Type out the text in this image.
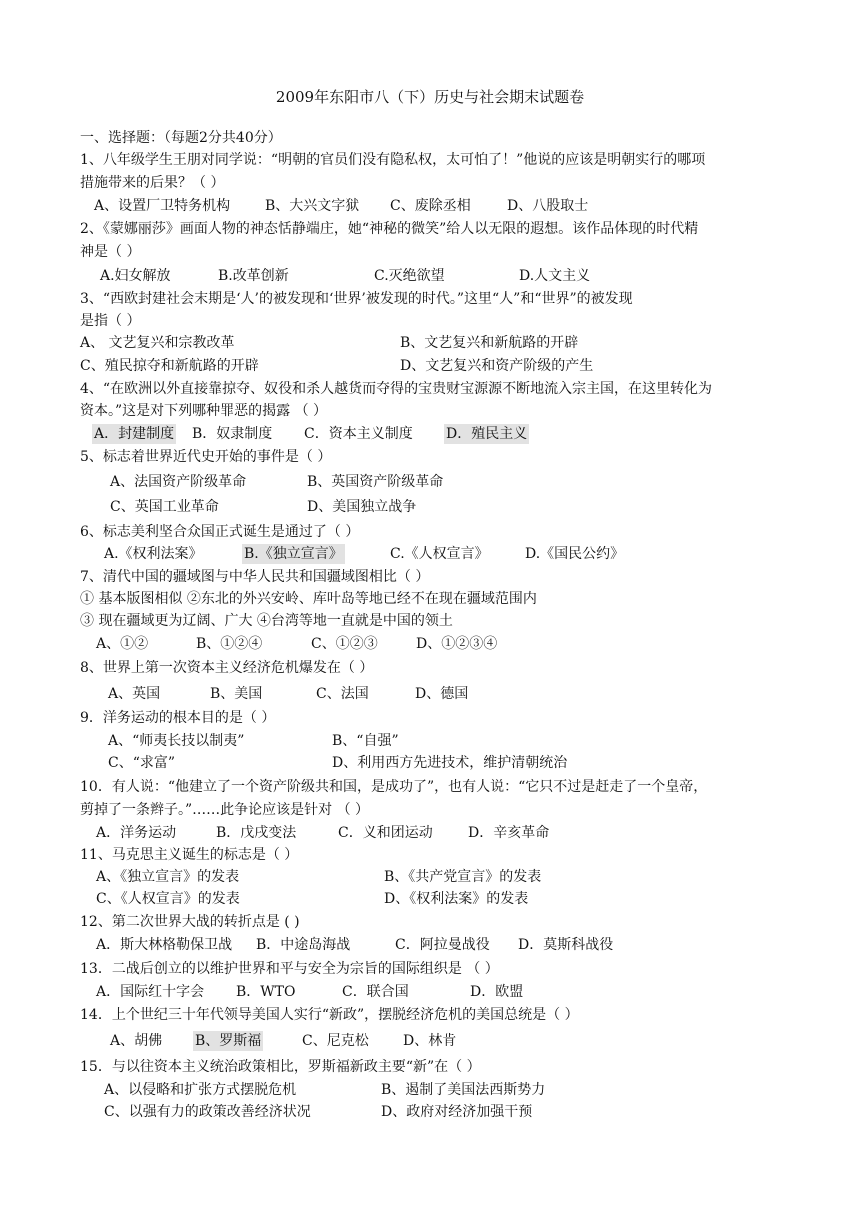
2009年东阳市八（下）历史与社会期末试题卷
一、选择题：（每题2分共40分）
1、八年级学生王朋对同学说：“明朝的官员们没有隐私权，太可怕了！”他说的应该是明朝实行的哪项
措施带来的后果？（ ）
A、设置厂卫特务机构 B、大兴文字狱 C、废除丞相	D、八股取士
2、《蒙娜丽莎》画面人物的神态恬静端庄，她“神秘的微笑”给人以无限的遐想。该作品体现的时代精
神是（ ）
A.妇女解放	B.改革创新	C.灭绝欲望	D.人文主义
3、“西欧封建社会末期是‘人’的被发现和‘世界’被发现的时代。”这里“人”和“世界”的被发现
是指（ ）
A、 文艺复兴和宗教改革	B、文艺复兴和新航路的开辟
C、殖民掠夺和新航路的开辟	D、文艺复兴和资产阶级的产生
4、“在欧洲以外直接靠掠夺、奴役和杀人越货而夺得的宝贵财宝源源不断地流入宗主国，在这里转化为
资本。”这是对下列哪种罪恶的揭露 （ ）
A．封建制度 B．奴隶制度 C．资本主义制度 D．殖民主义
5、标志着世界近代史开始的事件是（ ）
A、法国资产阶级革命	B、英国资产阶级革命
C、英国工业革命	D、美国独立战争
6、标志美利坚合众国正式诞生是通过了（ ）
A.《权利法案》	B.《独立宣言》	C.《人权宣言》	D.《国民公约》
7、清代中国的疆域图与中华人民共和国疆域图相比（ ）
① 基本版图相似 ②东北的外兴安岭、库叶岛等地已经不在现在疆域范围内
③ 现在疆域更为辽阔、广大 ④台湾等地一直就是中国的领土
A、①②	B、①②④	C、①②③	D、①②③④
8、世界上第一次资本主义经济危机爆发在（ ）
A、英国	B、美国	C、法国	D、德国
9．洋务运动的根本目的是（ ）
A、“师夷长技以制夷”	B、“自强”
C、“求富”	D、利用西方先进技术，维护清朝统治
10．有人说：“他建立了一个资产阶级共和国，是成功了”，也有人说：“它只不过是赶走了一个皇帝，
剪掉了一条辫子。”……此争论应该是针对 （ ）
A．洋务运动	B．戊戌变法	C．义和团运动	D．辛亥革命
11、马克思主义诞生的标志是（ ）
A、《独立宣言》的发表	B、《共产党宣言》的发表
C、《人权宣言》的发表	D、《权利法案》的发表
12、第二次世界大战的转折点是 ( )
A．斯大林格勒保卫战 B．中途岛海战	C．阿拉曼战役 D．莫斯科战役
13．二战后创立的以维护世界和平与安全为宗旨的国际组织是 （ ）
A．国际红十字会 B．WTO	C．联合国	D．欧盟
14．上个世纪三十年代领导美国人实行“新政”，摆脱经济危机的美国总统是（ ）
A、胡佛 B、罗斯福	C、尼克松 D、林肯
15．与以往资本主义统治政策相比，罗斯福新政主要“新”在（ ）
A、以侵略和扩张方式摆脱危机	B、遏制了美国法西斯势力
C、以强有力的政策改善经济状况	D、政府对经济加强干预
